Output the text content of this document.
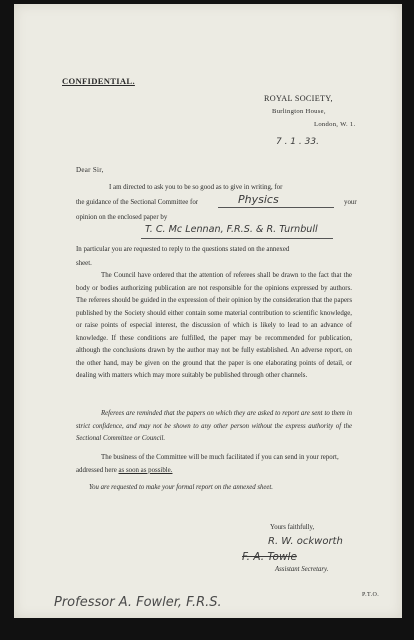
CONFIDENTIAL.
ROYAL SOCIETY,
Burlington House,
London, W. 1.
7 . 1 . 33.
Dear Sir,
I am directed to ask you to be so good as to give in writing, for
the guidance of the Sectional Committee for	Physics	your
opinion on the enclosed paper by
T. C. Mc Lennan, F.R.S. & R. Turnbull
In particular you are requested to reply to the questions stated on the annexed
sheet.
The Council have ordered that the attention of referees shall be drawn to the fact that the body or bodies authorizing publication are not responsible for the opinions expressed by authors. The referees should be guided in the expression of their opinion by the consideration that the papers published by the Society should either contain some material contribution to scientific knowledge, or raise points of especial interest, the discussion of which is likely to lead to an advance of knowledge. If these conditions are fulfilled, the paper may be recommended for publication, although the conclusions drawn by the author may not be fully established. An adverse report, on the other hand, may be given on the ground that the paper is one elaborating points of detail, or dealing with matters which may more suitably be published through other channels.
Referees are reminded that the papers on which they are asked to report are sent to them in strict confidence, and may not be shown to any other person without the express authority of the Sectional Committee or Council.
The business of the Committee will be much facilitated if you can send in your report, addressed here as soon as possible.
You are requested to make your formal report on the annexed sheet.
Yours faithfully,
R. W. ockworth
F. A. Towle
Assistant Secretary.
P.T.O.
Professor A. Fowler, F.R.S.
